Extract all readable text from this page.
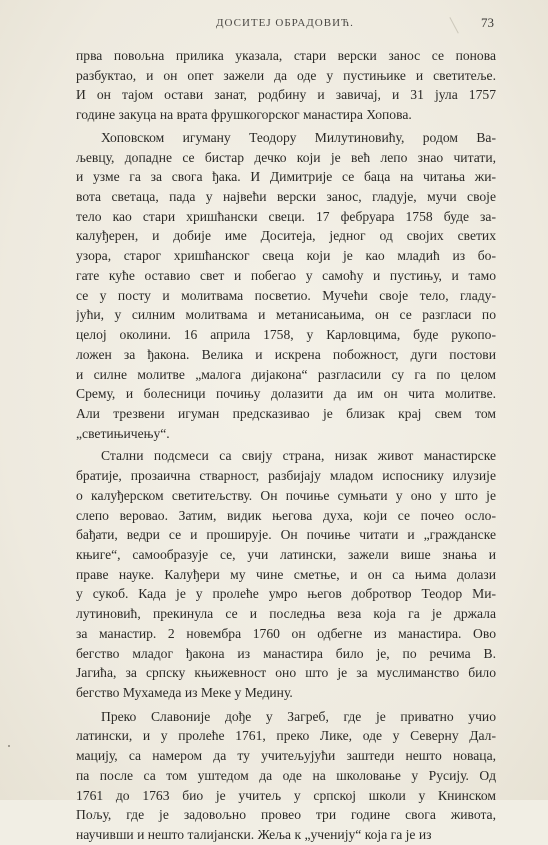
ДОСИТЕЈ ОБРАДОВИЋ.	73
прва повољна прилика указала, стари верски занос се понова
разбуктао, и он опет зажели да оде у пустињике и светитеље.
И он тајом остави занат, родбину и завичај, и 31 јула 1757
године закуца на врата фрушкогорског манастира Хопова.
Хоповском игуману Теодору Милутиновићу, родом Ва-
љевцу, допадне се бистар дечко који је већ лепо знао читати,
и узме га за свога ђака. И Димитрије се баца на читања жи-
вота светаца, пада у највећи верски занос, гладује, мучи своје
тело као стари хришћански свеци. 17 фебруара 1758 буде за-
калуђерен, и добије име Доситеја, једног од својих светих
узора, старог хришћанског свеца који је као младић из бо-
гате куће оставио свет и побегао у самоћу и пустињу, и тамо
се у посту и молитвама посветио. Мучећи своје тело, гладу-
јући, у силним молитвама и метанисањима, он се разгласи по
целој околини. 16 априла 1758, у Карловцима, буде рукопо-
ложен за ђакона. Велика и искрена побожност, дуги постови
и силне молитве „малога дијакона“ разгласили су га по целом
Срему, и болесници почињу долазити да им он чита молитве.
Али трезвени игуман предсказивао је близак крај свем том
„светињичењу“.
Стални подсмеси са свију страна, низак живот манастирске
братије, прозаична стварност, разбијају младом испоснику илузије
о калуђерском светитељству. Он почиње сумњати у оно у што је
слепо веровао. Затим, видик његова духа, који се почео осло-
бађати, ведри се и проширује. Он почиње читати и „гражданске
књиге“, самообразује се, учи латински, зажели више знања и
праве науке. Калуђери му чине сметње, и он са њима долази
у сукоб. Када је у пролеће умро његов добротвор Теодор Ми-
лутиновић, прекинула се и последња веза која га је држала
за манастир. 2 новембра 1760 он одбегне из манастира. Ово
бегство младог ђакона из манастира било је, по речима В.
Јагића, за српску књижевност оно што је за муслиманство било
бегство Мухамеда из Меке у Медину.
Преко Славоније дође у Загреб, где је приватно учио
латински, и у пролеће 1761, преко Лике, оде у Северну Дал-
мацију, са намером да ту учитељујући заштеди нешто новаца,
па после са том уштедом да оде на школовање у Русију. Од
1761 до 1763 био је учитељ у српској школи у Книнском
Пољу, где је задовољно провео три године свога живота,
научивши и нешто талијански. Жеља к „ученију“ која га је из
